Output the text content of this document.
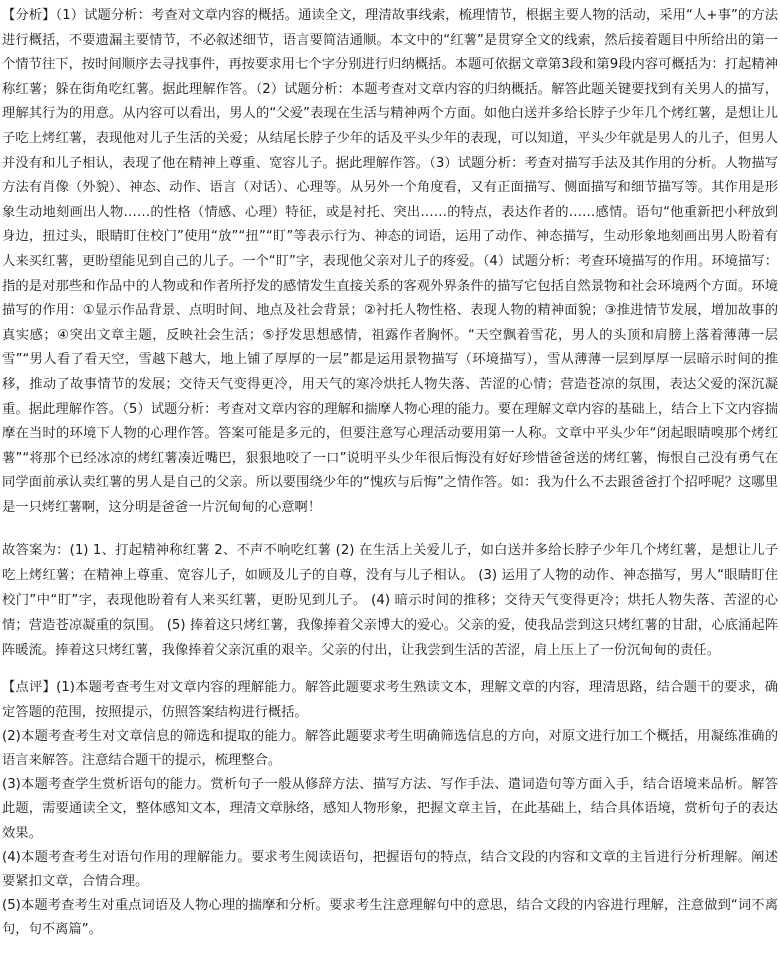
【分析】（1）试题分析：考查对文章内容的概括。通读全文，理清故事线索，梳理情节，根据主要人物的活动，采用“人+事”的方法进行概括，不要遗漏主要情节，不必叙述细节，语言要简洁通顺。本文中的“红薯”是贯穿全文的线索，然后接着题目中所给出的第一个情节往下，按时间顺序去寻找事件，再按要求用七个字分别进行归纳概括。本题可依据文章第3段和第9段内容可概括为：打起精神称红薯；躲在街角吃红薯。据此理解作答。（2）试题分析：本题考查对文章内容的归纳概括。解答此题关键要找到有关男人的描写，理解其行为的用意。从内容可以看出，男人的“父爱”表现在生活与精神两个方面。如他白送并多给长脖子少年几个烤红薯，是想让儿子吃上烤红薯，表现他对儿子生活的关爱；从结尾长脖子少年的话及平头少年的表现，可以知道，平头少年就是男人的儿子，但男人并没有和儿子相认，表现了他在精神上尊重、宽容儿子。据此理解作答。（3）试题分析：考查对描写手法及其作用的分析。人物描写方法有肖像（外貌）、神态、动作、语言（对话）、心理等。从另外一个角度看，又有正面描写、侧面描写和细节描写等。其作用是形象生动地刻画出人物……的性格（情感、心理）特征，或是衬托、突出……的特点，表达作者的……感情。语句“他重新把小秤放到身边，扭过头，眼睛盯住校门”使用“放”“扭”“盯”等表示行为、神态的词语，运用了动作、神态描写，生动形象地刻画出男人盼着有人来买红薯，更盼望能见到自己的儿子。一个“盯”字，表现他父亲对儿子的疼爱。（4）试题分析：考查环境描写的作用。环境描写：指的是对那些和作品中的人物或和作者所抒发的感情发生直接关系的客观外界条件的描写它包括自然景物和社会环境两个方面。环境描写的作用：①显示作品背景、点明时间、地点及社会背景；②衬托人物性格、表现人物的精神面貌；③推进情节发展，增加故事的真实感；④突出文章主题，反映社会生活；⑤抒发思想感情，祖露作者胸怀。“天空飘着雪花，男人的头顶和肩膀上落着薄薄一层雪”“男人看了看天空，雪越下越大，地上铺了厚厚的一层”都是运用景物描写（环境描写），雪从薄薄一层到厚厚一层暗示时间的推移，推动了故事情节的发展；交待天气变得更冷，用天气的寒冷烘托人物失落、苦涩的心情；营造苍凉的氛围，表达父爱的深沉凝重。据此理解作答。（5）试题分析：考查对文章内容的理解和揣摩人物心理的能力。要在理解文章内容的基础上，结合上下文内容揣摩在当时的环境下人物的心理作答。答案可能是多元的，但要注意写心理活动要用第一人称。文章中平头少年“闭起眼睛嗅那个烤红薯”“将那个已经冰凉的烤红薯凑近嘴巴，狠狠地咬了一口”说明平头少年很后悔没有好好珍惜爸爸送的烤红薯，悔恨自己没有勇气在同学面前承认卖红薯的男人是自己的父亲。所以要围绕少年的“愧疚与后悔”之情作答。如：我为什么不去跟爸爸打个招呼呢？这哪里是一只烤红薯啊，这分明是爸爸一片沉甸甸的心意啊！

故答案为：(1) 1、打起精神称红薯 2、不声不响吃红薯 (2) 在生活上关爱儿子，如白送并多给长脖子少年几个烤红薯，是想让儿子吃上烤红薯；在精神上尊重、宽容儿子，如顾及儿子的自尊，没有与儿子相认。 (3) 运用了人物的动作、神态描写，男人“眼睛盯住校门”中“盯”字，表现他盼着有人来买红薯，更盼见到儿子。 (4) 暗示时间的推移；交待天气变得更冷；烘托人物失落、苦涩的心情；营造苍凉凝重的氛围。 (5) 捧着这只烤红薯，我像捧着父亲博大的爱心。父亲的爱，使我品尝到这只烤红薯的甘甜，心底涌起阵阵暖流。捧着这只烤红薯，我像捧着父亲沉重的艰辛。父亲的付出，让我尝到生活的苦涩，肩上压上了一份沉甸甸的责任。

【点评】(1)本题考查考生对文章内容的理解能力。解答此题要求考生熟读文本，理解文章的内容，理清思路，结合题干的要求，确定答题的范围，按照提示，仿照答案结构进行概括。

(2)本题考查考生对文章信息的筛选和提取的能力。解答此题要求考生明确筛选信息的方向，对原文进行加工个概括，用凝练准确的语言来解答。注意结合题干的提示，梳理整合。

(3)本题考查学生赏析语句的能力。赏析句子一般从修辞方法、描写方法、写作手法、遣词造句等方面入手，结合语境来品析。解答此题，需要通读全文，整体感知文本，理清文章脉络，感知人物形象，把握文章主旨，在此基础上，结合具体语境，赏析句子的表达效果。

(4)本题考查考生对语句作用的理解能力。要求考生阅读语句，把握语句的特点，结合文段的内容和文章的主旨进行分析理解。阐述要紧扣文章，合情合理。

(5)本题考查考生对重点词语及人物心理的揣摩和分析。要求考生注意理解句中的意思，结合文段的内容进行理解，注意做到“词不离句，句不离篇”。
